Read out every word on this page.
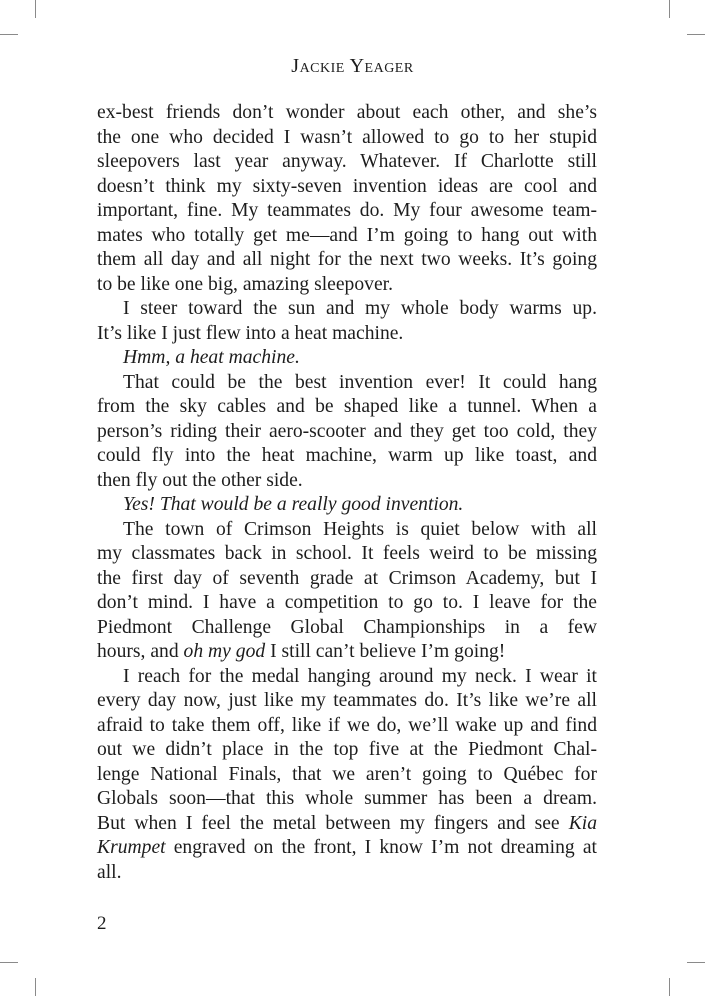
Jackie Yeager
ex-best friends don’t wonder about each other, and she’s
the one who decided I wasn’t allowed to go to her stupid
sleepovers last year anyway. Whatever. If Charlotte still
doesn’t think my sixty-seven invention ideas are cool and
important, fine. My teammates do. My four awesome team-
mates who totally get me—and I’m going to hang out with
them all day and all night for the next two weeks. It’s going
to be like one big, amazing sleepover.
I steer toward the sun and my whole body warms up.
It’s like I just flew into a heat machine.
Hmm, a heat machine.
That could be the best invention ever! It could hang
from the sky cables and be shaped like a tunnel. When a
person’s riding their aero-scooter and they get too cold, they
could fly into the heat machine, warm up like toast, and
then fly out the other side.
Yes! That would be a really good invention.
The town of Crimson Heights is quiet below with all
my classmates back in school. It feels weird to be missing
the first day of seventh grade at Crimson Academy, but I
don’t mind. I have a competition to go to. I leave for the
Piedmont Challenge Global Championships in a few
hours, and oh my god I still can’t believe I’m going!
I reach for the medal hanging around my neck. I wear it
every day now, just like my teammates do. It’s like we’re all
afraid to take them off, like if we do, we’ll wake up and find
out we didn’t place in the top five at the Piedmont Chal-
lenge National Finals, that we aren’t going to Québec for
Globals soon—that this whole summer has been a dream.
But when I feel the metal between my fingers and see Kia
Krumpet engraved on the front, I know I’m not dreaming at
all.
2
